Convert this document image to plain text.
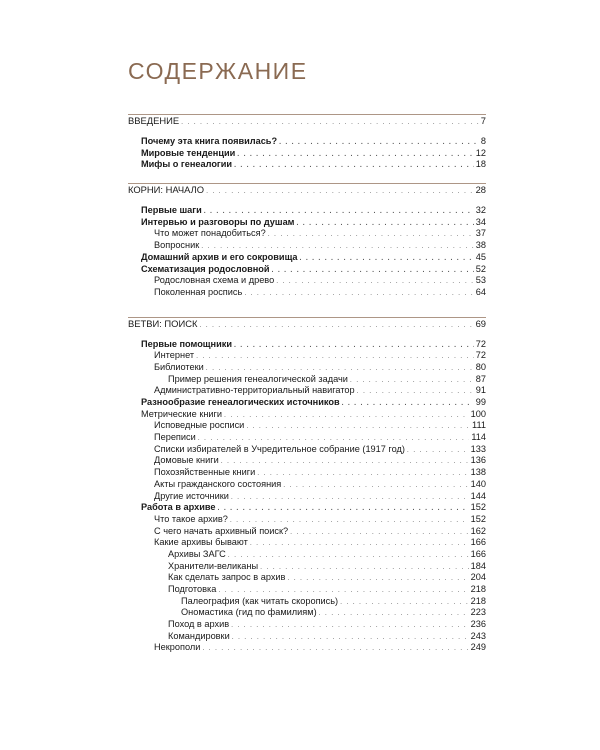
СОДЕРЖАНИЕ
ВВЕДЕНИЕ . . .	7
Почему эта книга появилась? . . .	8
Мировые тенденции . . .	12
Мифы о генеалогии . . .	18
КОРНИ: НАЧАЛО . . .	28
Первые шаги . . .	32
Интервью и разговоры по душам . . .	34
Что может понадобиться? . . .	37
Вопросник . . .	38
Домашний архив и его сокровища . . .	45
Схематизация родословной . . .	52
Родословная схема и древо . . .	53
Поколенная роспись . . .	64
ВЕТВИ: ПОИСК . . .	69
Первые помощники . . .	72
Интернет . . .	72
Библиотеки . . .	80
Пример решения генеалогической задачи . . .	87
Административно-территориальный навигатор . . .	91
Разнообразие генеалогических источников . . .	99
Метрические книги . . .	100
Исповедные росписи . . .	111
Переписи . . .	114
Списки избирателей в Учредительное собрание (1917 год) . . .	133
Домовые книги . . .	136
Похозяйственные книги . . .	138
Акты гражданского состояния . . .	140
Другие источники . . .	144
Работа в архиве . . .	152
Что такое архив? . . .	152
С чего начать архивный поиск? . . .	162
Какие архивы бывают . . .	166
Архивы ЗАГС . . .	166
Хранители-великаны . . .	184
Как сделать запрос в архив . . .	204
Подготовка . . .	218
Палеография (как читать скоропись) . . .	218
Ономастика (гид по фамилиям) . . .	223
Поход в архив . . .	236
Командировки . . .	243
Некрополи . . .	249
